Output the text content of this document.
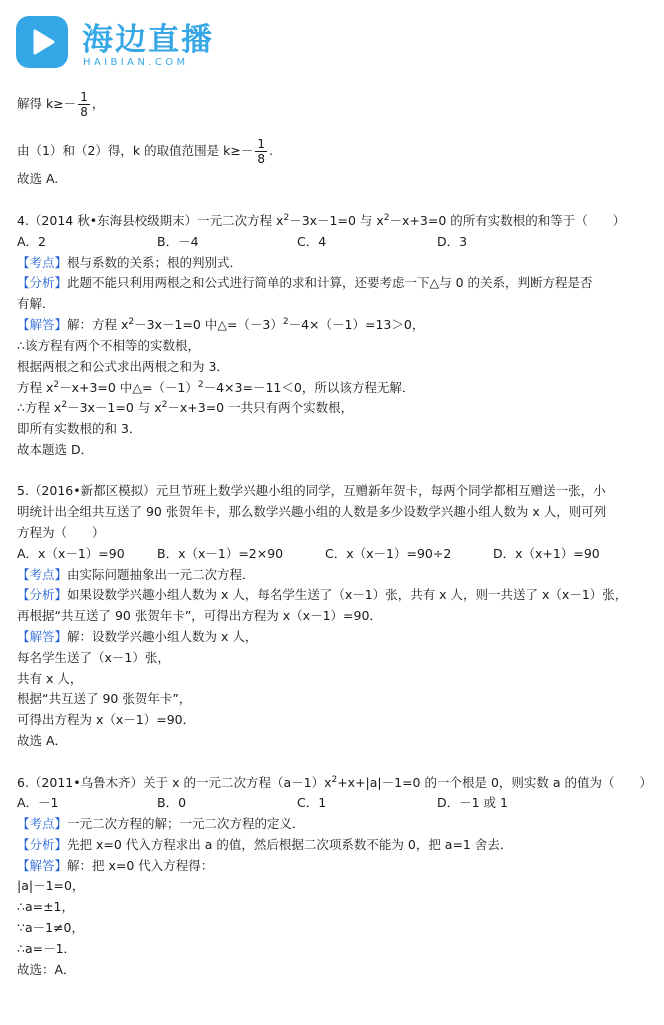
海边直播
HAIBIAN.COM
解得 $k\ge- \frac{1}{8}$ ，
由（1）和（2）得，k 的取值范围是 $k\ge- \frac{1}{8}$ .
故选 A.
4.（2014 秋•东海县校级期末）一元二次方程 $x^2-3x-1=0$ 与 $x^2-x+3=0$ 的所有实数根的和等于（　　）
A．2	B．－4	C．4	D．3
【考点】根与系数的关系；根的判别式．
【分析】此题不能只利用两根之和公式进行简单的求和计算，还要考虑一下△与 0 的关系，判断方程是否
有解．
【解答】解：方程 $x^2-3x-1=0$ 中$\triangle=(-3)^2-4\times(-1)=13>0$，
∴该方程有两个不相等的实数根，
根据两根之和公式求出两根之和为 3．
方程 $x^2-x+3=0$ 中$\triangle=(-1)^2-4\times 3=-11<0$，所以该方程无解．
∴方程 $x^2-3x-1=0$ 与 $x^2-x+3=0$ 一共只有两个实数根，
即所有实数根的和 3．
故本题选 D．
5.（2016•新都区模拟）元旦节班上数学兴趣小组的同学，互赠新年贺卡，每两个同学都相互赠送一张，小
明统计出全组共互送了 90 张贺年卡，那么数学兴趣小组的人数是多少设数学兴趣小组人数为 x 人，则可列
方程为（　　）
A．x（x－1）=90	B．x（x－1）=2×90	C．x（x－1）=90÷2	D．x（x+1）=90
【考点】由实际问题抽象出一元二次方程．
【分析】如果设数学兴趣小组人数为 x 人，每名学生送了（x－1）张，共有 x 人，则一共送了 x（x－1）张，
再根据“共互送了 90 张贺年卡”，可得出方程为 x（x－1）=90．
【解答】解：设数学兴趣小组人数为 x 人，
每名学生送了（x－1）张，
共有 x 人，
根据“共互送了 90 张贺年卡”，
可得出方程为 x（x－1）=90．
故选 A．
6.（2011•乌鲁木齐）关于 x 的一元二次方程$(a-1)x^2+x+|a|-1=0$ 的一个根是 0，则实数 a 的值为（　　）
A．－1	B．0	C．1	D．－1 或 1
【考点】一元二次方程的解；一元二次方程的定义．
【分析】先把 x=0 代入方程求出 a 的值，然后根据二次项系数不能为 0，把 a=1 舍去．
【解答】解：把 x=0 代入方程得：
|a|－1=0，
∴a=±1，
∵a－1≠0，
∴a=－1．
故选：A．
